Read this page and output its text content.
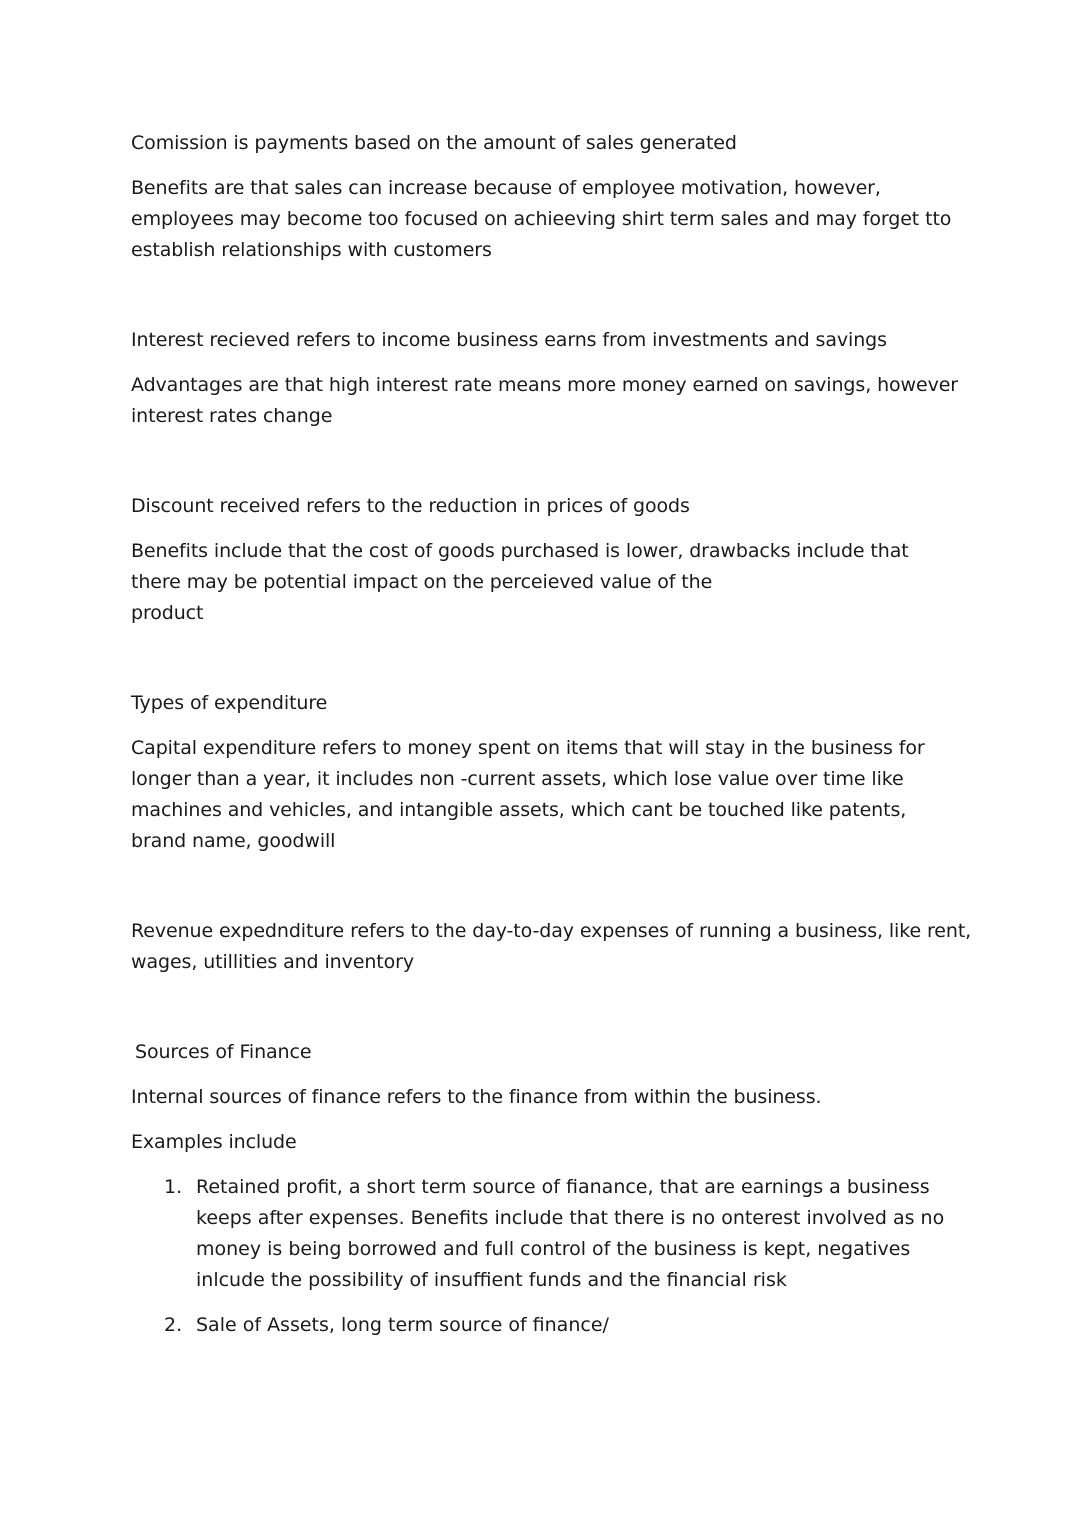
Comission is payments based on the amount of sales generated

Benefits are that sales can increase because of employee motivation, however,
employees may become too focused on achieeving shirt term sales and may forget tto
establish relationships with customers

Interest recieved refers to income business earns from investments and savings

Advantages are that high interest rate means more money earned on savings, however
interest rates change

Discount received refers to the reduction in prices of goods

Benefits include that the cost of goods purchased is lower, drawbacks include that
there may be potential impact on the perceieved value of the
product

Types of expenditure

Capital expenditure refers to money spent on items that will stay in the business for
longer than a year, it includes non -current assets, which lose value over time like
machines and vehicles, and intangible assets, which cant be touched like patents,
brand name, goodwill

Revenue expednditure refers to the day-to-day expenses of running a business, like rent,
wages, utillities and inventory

Sources of Finance

Internal sources of finance refers to the finance from within the business.

Examples include

1. Retained profit, a short term source of fianance, that are earnings a business
keeps after expenses. Benefits include that there is no onterest involved as no
money is being borrowed and full control of the business is kept, negatives
inlcude the possibility of insuffient funds and the financial risk
2. Sale of Assets, long term source of finance/
